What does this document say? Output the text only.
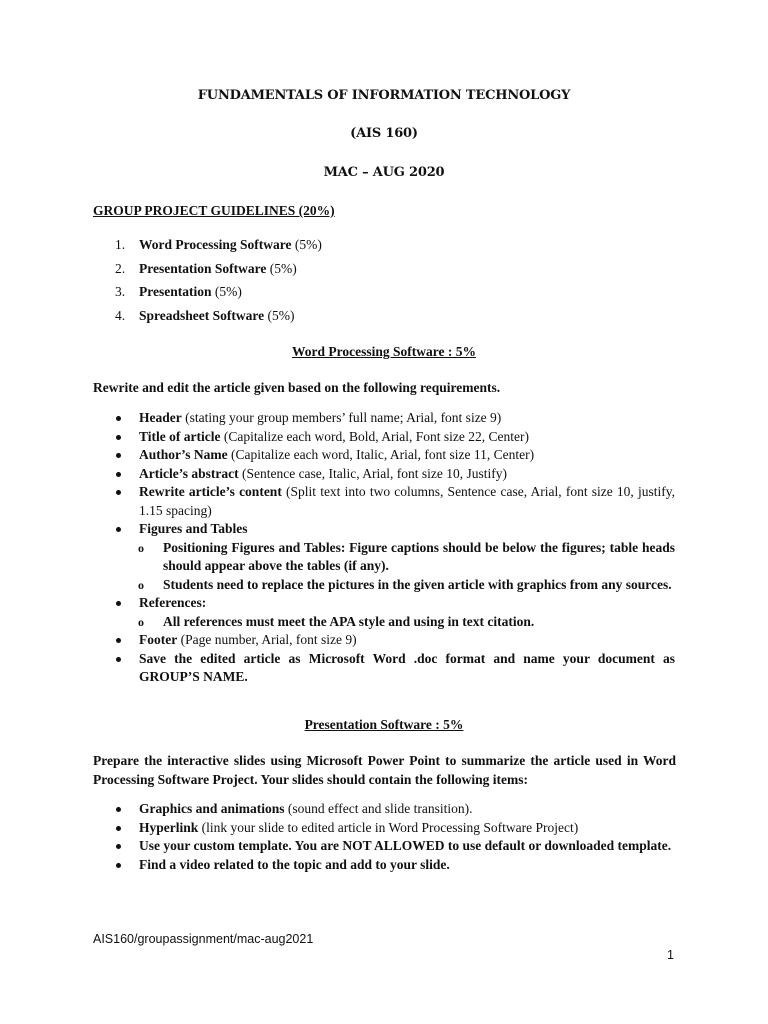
FUNDAMENTALS OF INFORMATION TECHNOLOGY
(AIS 160)
MAC – AUG 2020
GROUP PROJECT GUIDELINES (20%)
1. Word Processing Software (5%)
2. Presentation Software (5%)
3. Presentation (5%)
4. Spreadsheet Software (5%)
Word Processing Software : 5%
Rewrite and edit the article given based on the following requirements.
Header (stating your group members’ full name; Arial, font size 9)
Title of article (Capitalize each word, Bold, Arial, Font size 22, Center)
Author’s Name (Capitalize each word, Italic, Arial, font size 11, Center)
Article’s abstract (Sentence case, Italic, Arial, font size 10, Justify)
Rewrite article’s content (Split text into two columns, Sentence case, Arial, font size 10, justify, 1.15 spacing)
Figures and Tables
o Positioning Figures and Tables: Figure captions should be below the figures; table heads should appear above the tables (if any).
o Students need to replace the pictures in the given article with graphics from any sources.
References:
o All references must meet the APA style and using in text citation.
Footer (Page number, Arial, font size 9)
Save the edited article as Microsoft Word .doc format and name your document as GROUP’S NAME.
Presentation Software : 5%
Prepare the interactive slides using Microsoft Power Point to summarize the article used in Word Processing Software Project. Your slides should contain the following items:
Graphics and animations (sound effect and slide transition).
Hyperlink (link your slide to edited article in Word Processing Software Project)
Use your custom template. You are NOT ALLOWED to use default or downloaded template.
Find a video related to the topic and add to your slide.
AIS160/groupassignment/mac-aug2021
1
